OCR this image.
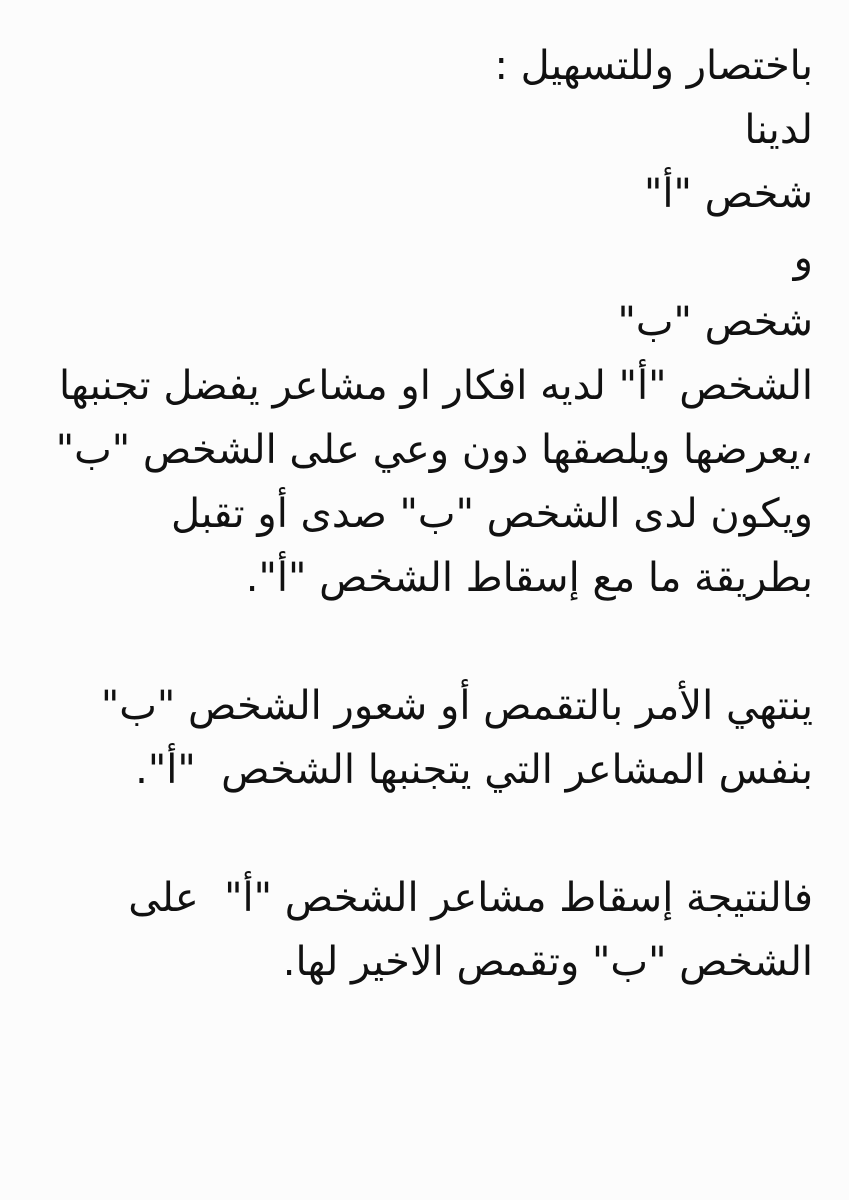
باختصار وللتسهيل :
لدينا
شخص "أ"
و
شخص "ب"
الشخص "أ" لديه افكار او مشاعر يفضل تجنبها
،يعرضها ويلصقها دون وعي على الشخص "ب"
ويكون لدى الشخص "ب" صدى أو تقبل
بطريقة ما مع إسقاط الشخص "أ".
ينتهي الأمر بالتقمص أو شعور الشخص "ب"
بنفس المشاعر التي يتجنبها الشخص  "أ".
فالنتيجة إسقاط مشاعر الشخص "أ"  على
الشخص "ب" وتقمص الاخير لها.
